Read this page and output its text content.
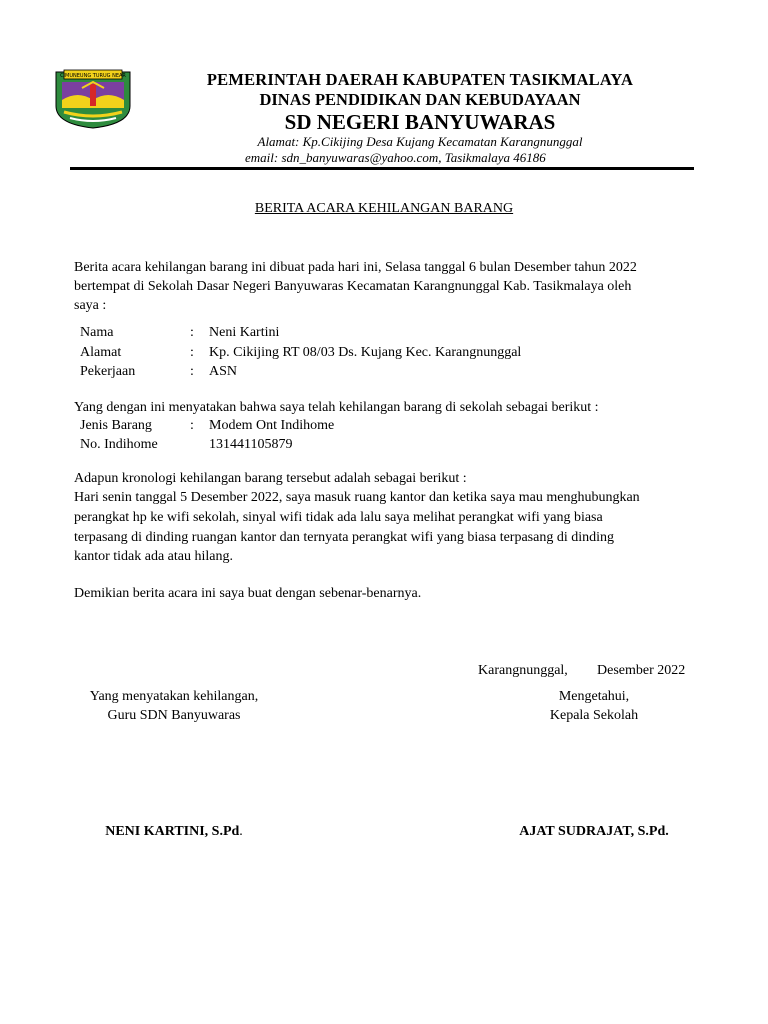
CIMUNEUNG TURUG NEAR	PEMERINTAH DAERAH KABUPATEN TASIKMALAYA
DINAS PENDIDIKAN DAN KEBUDAYAAN
SD NEGERI BANYUWARAS
Alamat: Kp.Cikijing Desa Kujang Kecamatan Karangnunggal
email: sdn_banyuwaras@yahoo.com, Tasikmalaya 46186
BERITA ACARA KEHILANGAN BARANG
Berita acara kehilangan barang ini dibuat pada hari ini, Selasa tanggal 6 bulan Desember tahun 2022
bertempat di Sekolah Dasar Negeri Banyuwaras Kecamatan Karangnunggal Kab. Tasikmalaya oleh
saya :
Nama	: Neni Kartini
Alamat	: Kp. Cikijing RT 08/03 Ds. Kujang Kec. Karangnunggal
Pekerjaan	: ASN
Yang dengan ini menyatakan bahwa saya telah kehilangan barang di sekolah sebagai berikut :
Jenis Barang	: Modem Ont Indihome
No. Indihome	131441105879
Adapun kronologi kehilangan barang tersebut adalah sebagai berikut :
Hari senin tanggal 5 Desember 2022, saya masuk ruang kantor dan ketika saya mau menghubungkan
perangkat hp ke wifi sekolah, sinyal wifi tidak ada lalu saya melihat perangkat wifi yang biasa
terpasang di dinding ruangan kantor dan ternyata perangkat wifi yang biasa terpasang di dinding
kantor tidak ada atau hilang.
Demikian berita acara ini saya buat dengan sebenar-benarnya.
Karangnunggal, Desember 2022
Yang menyatakan kehilangan,
Guru SDN Banyuwaras
NENI KARTINI, S.Pd.
Mengetahui,
Kepala Sekolah
AJAT SUDRAJAT, S.Pd.
